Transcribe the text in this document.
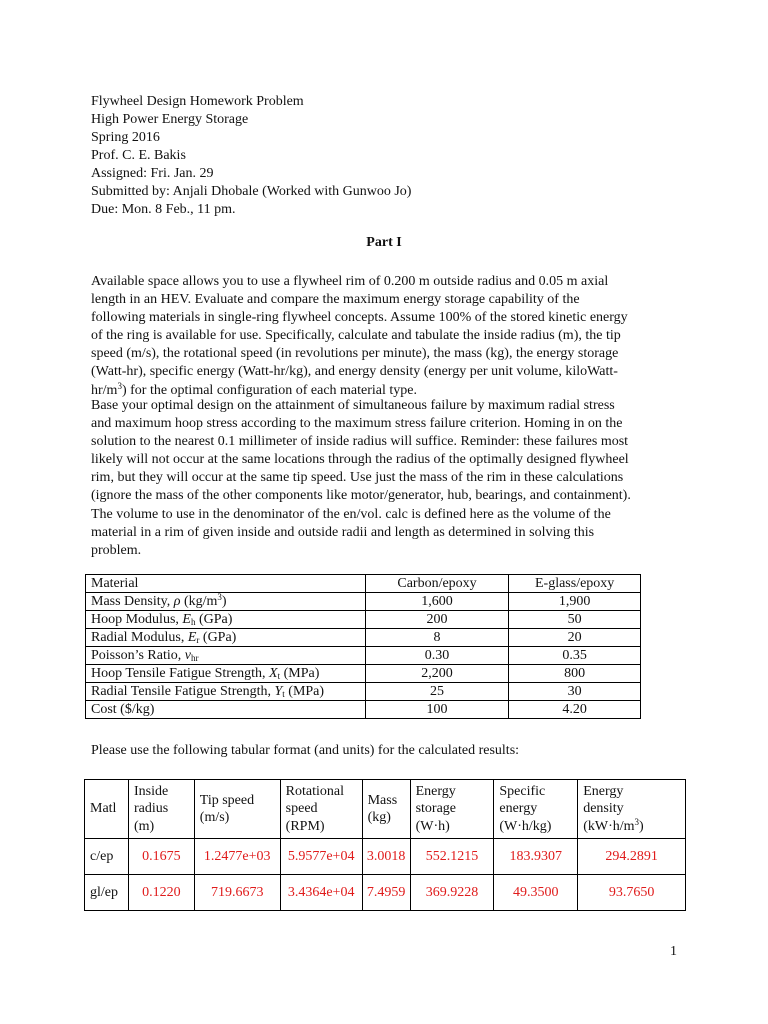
Flywheel Design Homework Problem
High Power Energy Storage
Spring 2016
Prof. C. E. Bakis
Assigned: Fri. Jan. 29
Submitted by: Anjali Dhobale (Worked with Gunwoo Jo)
Due: Mon. 8 Feb., 11 pm.
Part I
Available space allows you to use a flywheel rim of 0.200 m outside radius and 0.05 m axial
length in an HEV. Evaluate and compare the maximum energy storage capability of the
following materials in single-ring flywheel concepts. Assume 100% of the stored kinetic energy
of the ring is available for use. Specifically, calculate and tabulate the inside radius (m), the tip
speed (m/s), the rotational speed (in revolutions per minute), the mass (kg), the energy storage
(Watt-hr), specific energy (Watt-hr/kg), and energy density (energy per unit volume, kiloWatt-
$hr/m^3$) for the optimal configuration of each material type.
Base your optimal design on the attainment of simultaneous failure by maximum radial stress
and maximum hoop stress according to the maximum stress failure criterion. Homing in on the
solution to the nearest 0.1 millimeter of inside radius will suffice. Reminder: these failures most
likely will not occur at the same locations through the radius of the optimally designed flywheel
rim, but they will occur at the same tip speed. Use just the mass of the rim in these calculations
(ignore the mass of the other components like motor/generator, hub, bearings, and containment).
The volume to use in the denominator of the en/vol. calc is defined here as the volume of the
material in a rim of given inside and outside radii and length as determined in solving this
problem.
Material	Carbon/epoxy	E-glass/epoxy
Mass Density, ρ $(kg/m^3)$	1,600	1,900
Hoop Modulus, $E_h$ (GPa)	200	50
Radial Modulus, $E_r$ (GPa)	8	20
Poisson’s Ratio, $\nu_{hr}$	0.30	0.35
Hoop Tensile Fatigue Strength, $X_t$ (MPa)	2,200	800
Radial Tensile Fatigue Strength, $Y_t$ (MPa)	25	30
Cost ($/kg)	100	4.20
Please use the following tabular format (and units) for the calculated results:
Matl	Inside
radius
(m)	Tip speed
(m/s)	Rotational
speed
(RPM)	Mass
(kg)	Energy
storage
(W·h)	Specific
energy
(W·h/kg)	Energy
density
$(kW\cdot h/m^3)$
c/ep	0.1675	1.2477e+03	5.9577e+04	3.0018	552.1215	183.9307	294.2891
gl/ep	0.1220	719.6673	3.4364e+04	7.4959	369.9228	49.3500	93.7650
1
